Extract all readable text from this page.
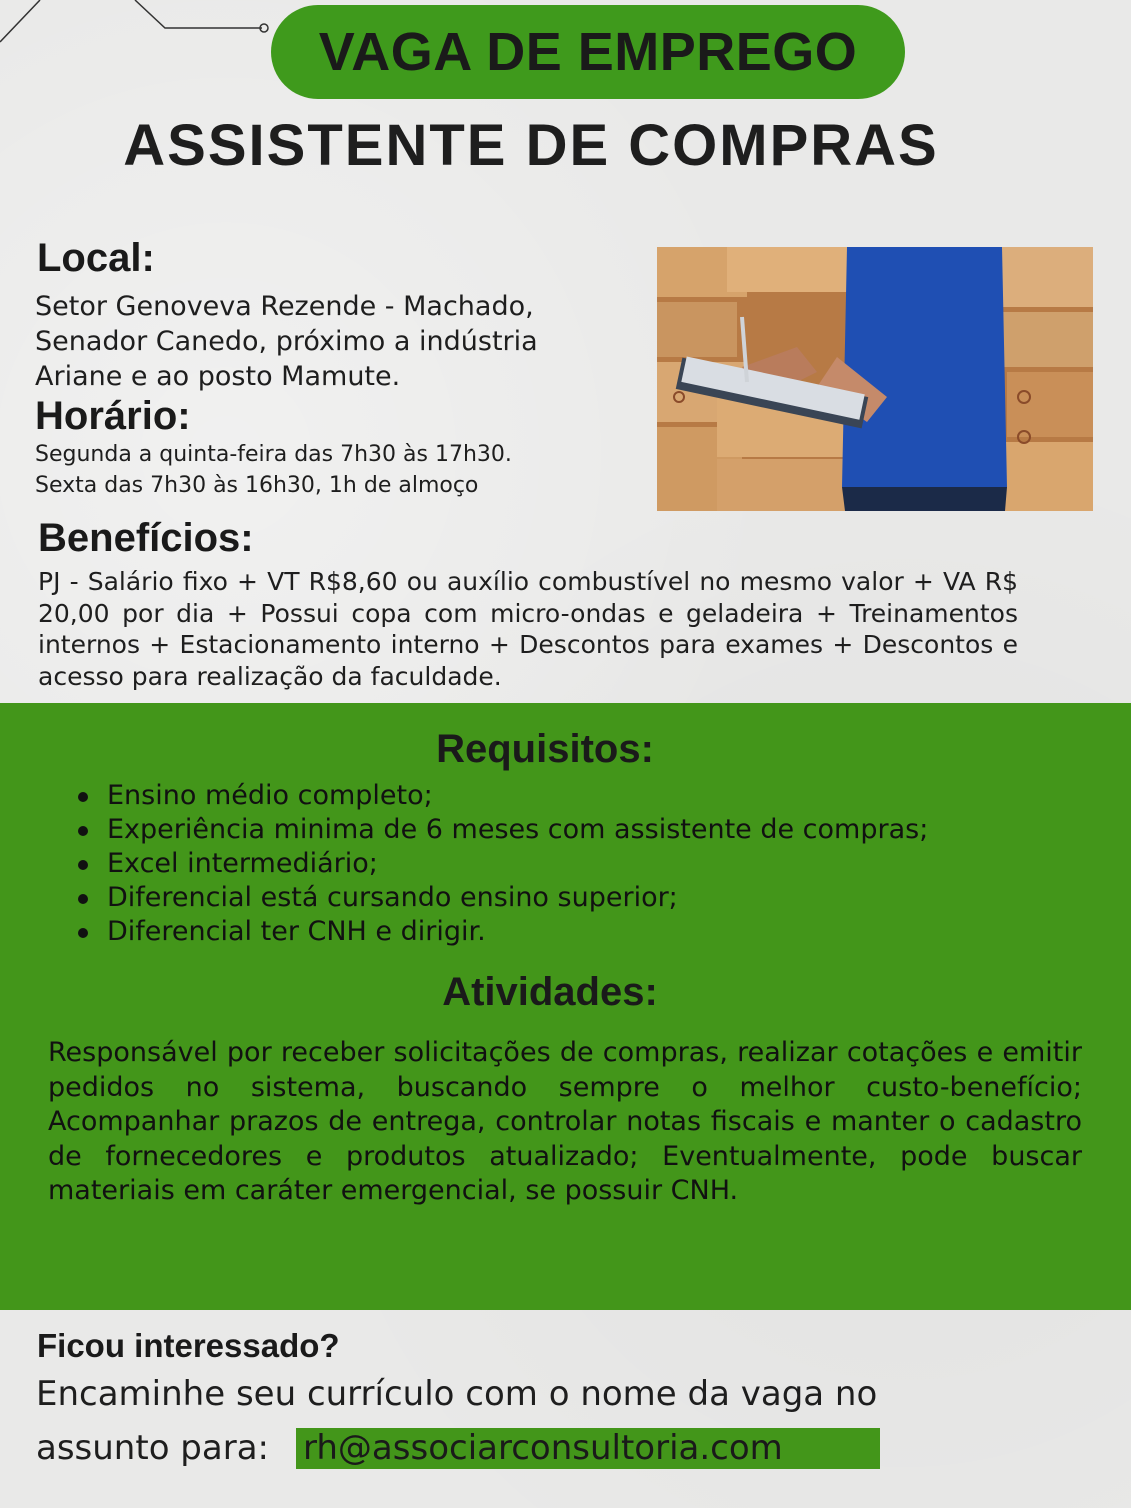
VAGA DE EMPREGO
ASSISTENTE DE COMPRAS
Local:
Setor Genoveva Rezende - Machado,
Senador Canedo, próximo a indústria
Ariane e ao posto Mamute.
Horário:
Segunda a quinta-feira das 7h30 às 17h30.
Sexta das 7h30 às 16h30, 1h de almoço
Benefícios:
PJ - Salário fixo + VT R$8,60 ou auxílio combustível no mesmo valor + VA R$ 20,00 por dia + Possui copa com micro-ondas e geladeira + Treinamentos internos + Estacionamento interno + Descontos para exames + Descontos e acesso para realização da faculdade.
Requisitos:
Ensino médio completo;
Experiência minima de 6 meses com assistente de compras;
Excel intermediário;
Diferencial está cursando ensino superior;
Diferencial ter CNH e dirigir.
Atividades:
Responsável por receber solicitações de compras, realizar cotações e emitir pedidos no sistema, buscando sempre o melhor custo-benefício; Acompanhar prazos de entrega, controlar notas fiscais e manter o cadastro de fornecedores e produtos atualizado; Eventualmente, pode buscar materiais em caráter emergencial, se possuir CNH.
Ficou interessado?
Encaminhe seu currículo com o nome da vaga no
assunto para: rh@associarconsultoria.com
